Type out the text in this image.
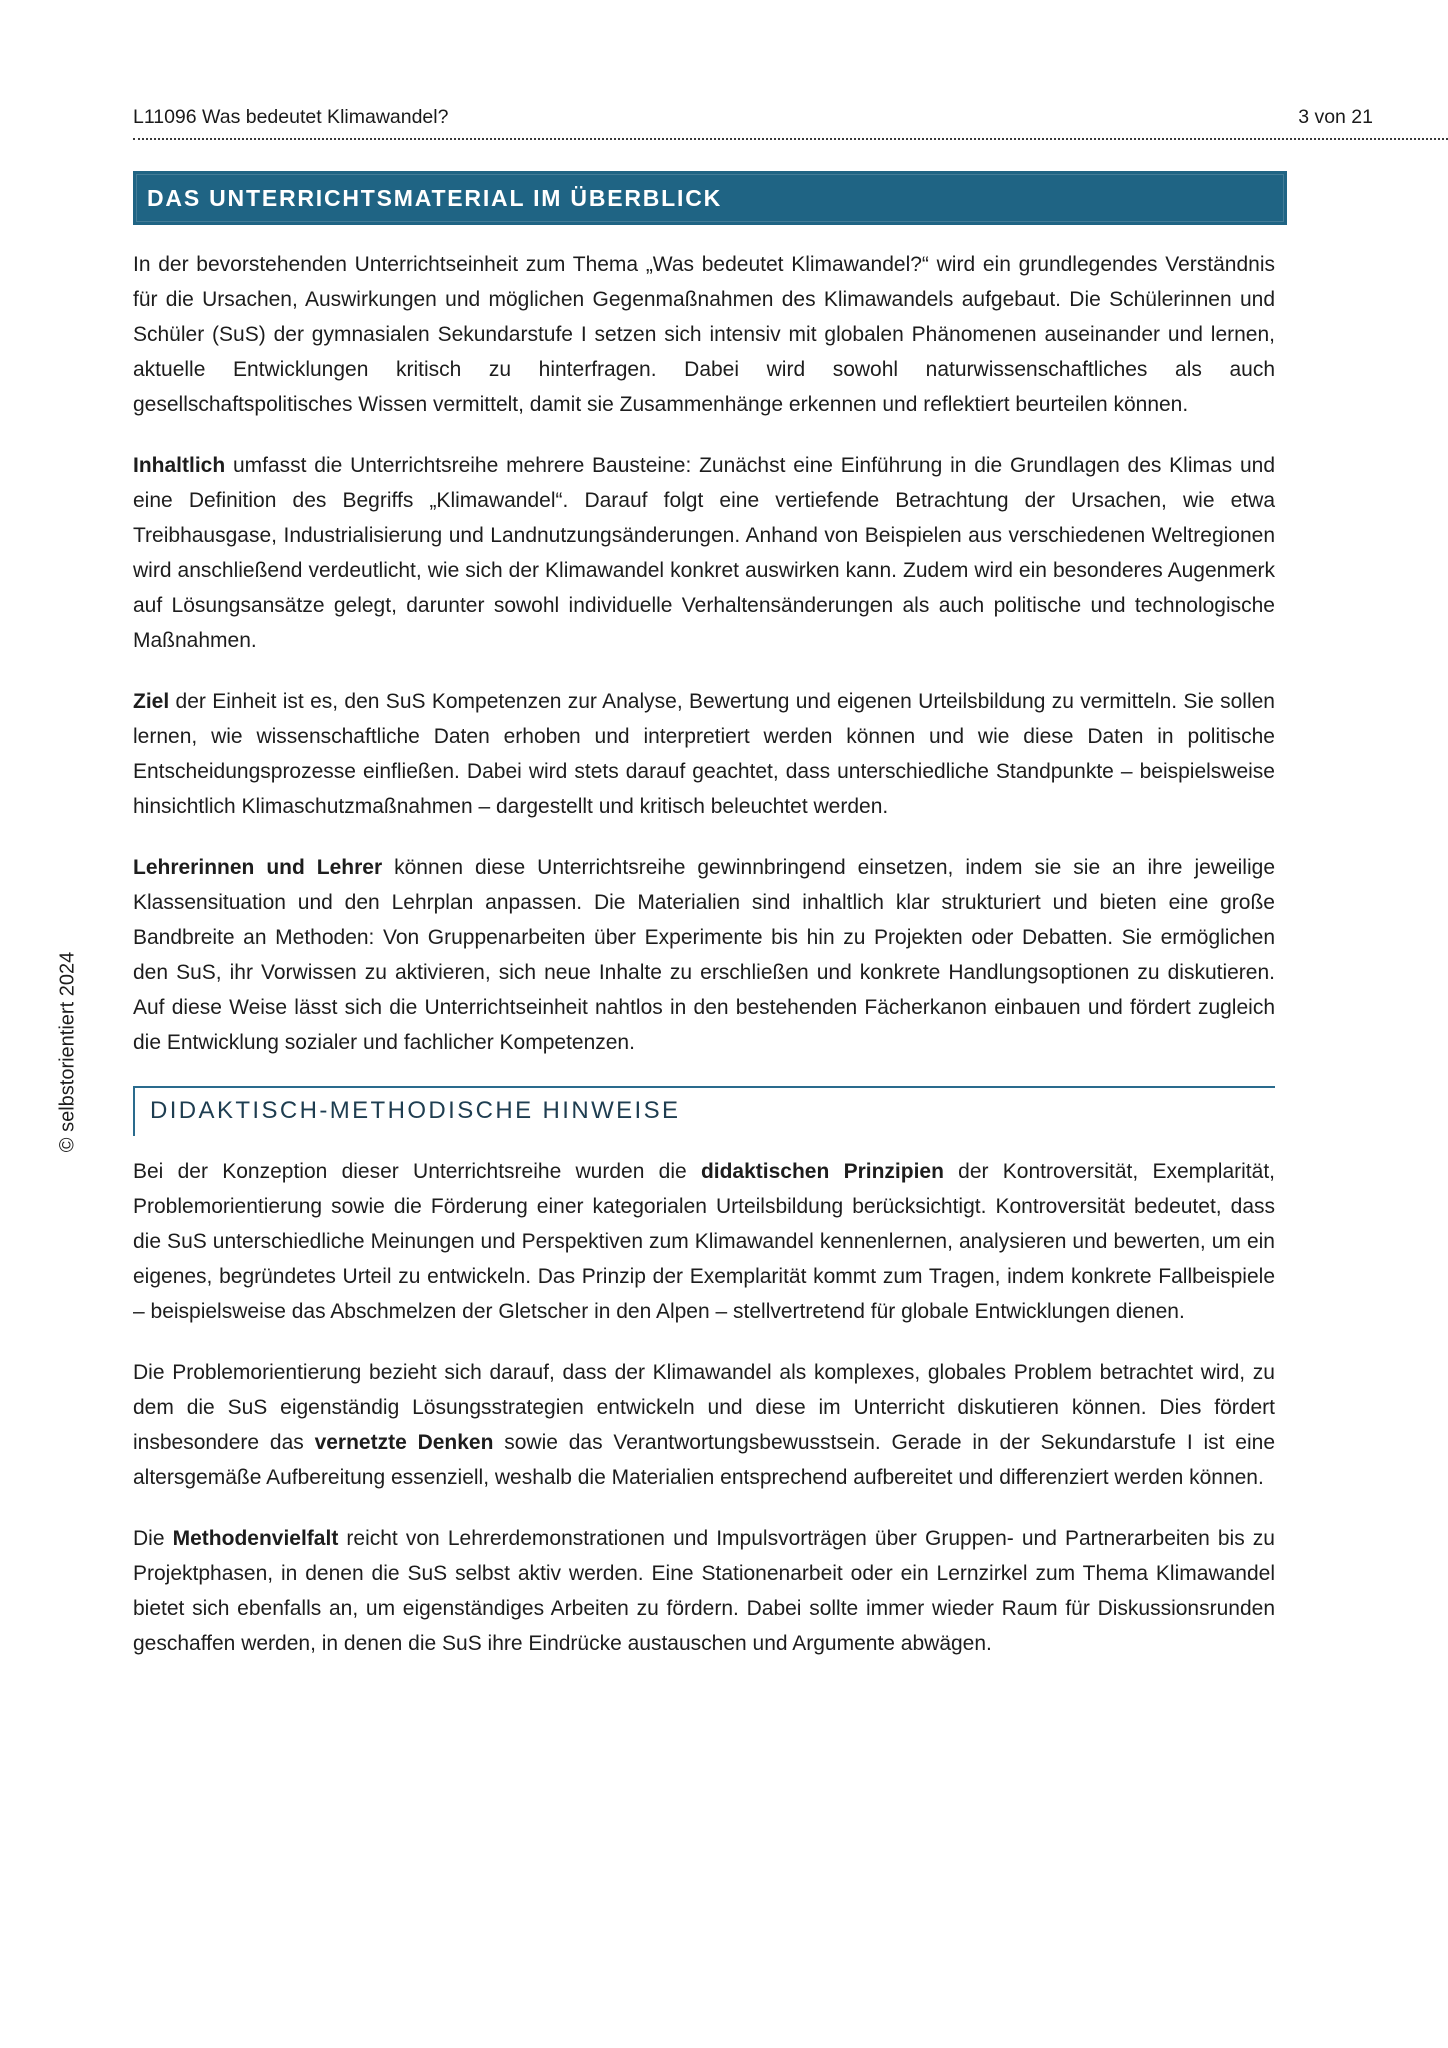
L11096 Was bedeutet Klimawandel?	3 von 21
DAS UNTERRICHTSMATERIAL IM ÜBERBLICK

In der bevorstehenden Unterrichtseinheit zum Thema „Was bedeutet Klimawandel?“ wird ein grundlegendes Verständnis für die Ursachen, Auswirkungen und möglichen Gegenmaßnahmen des Klimawandels aufgebaut. Die Schülerinnen und Schüler (SuS) der gymnasialen Sekundarstufe I setzen sich intensiv mit globalen Phänomenen auseinander und lernen, aktuelle Entwicklungen kritisch zu hinterfragen. Dabei wird sowohl naturwissenschaftliches als auch gesellschaftspolitisches Wissen vermittelt, damit sie Zusammenhänge erkennen und reflektiert beurteilen können.

Inhaltlich umfasst die Unterrichtsreihe mehrere Bausteine: Zunächst eine Einführung in die Grundlagen des Klimas und eine Definition des Begriffs „Klimawandel“. Darauf folgt eine vertiefende Betrachtung der Ursachen, wie etwa Treibhausgase, Industrialisierung und Landnutzungsänderungen. Anhand von Beispielen aus verschiedenen Weltregionen wird anschließend verdeutlicht, wie sich der Klimawandel konkret auswirken kann. Zudem wird ein besonderes Augenmerk auf Lösungsansätze gelegt, darunter sowohl individuelle Verhaltensänderungen als auch politische und technologische Maßnahmen.

Ziel der Einheit ist es, den SuS Kompetenzen zur Analyse, Bewertung und eigenen Urteilsbildung zu vermitteln. Sie sollen lernen, wie wissenschaftliche Daten erhoben und interpretiert werden können und wie diese Daten in politische Entscheidungsprozesse einfließen. Dabei wird stets darauf geachtet, dass unterschiedliche Standpunkte – beispielsweise hinsichtlich Klimaschutzmaßnahmen – dargestellt und kritisch beleuchtet werden.

Lehrerinnen und Lehrer können diese Unterrichtsreihe gewinnbringend einsetzen, indem sie sie an ihre jeweilige Klassensituation und den Lehrplan anpassen. Die Materialien sind inhaltlich klar strukturiert und bieten eine große Bandbreite an Methoden: Von Gruppenarbeiten über Experimente bis hin zu Projekten oder Debatten. Sie ermöglichen den SuS, ihr Vorwissen zu aktivieren, sich neue Inhalte zu erschließen und konkrete Handlungsoptionen zu diskutieren. Auf diese Weise lässt sich die Unterrichtseinheit nahtlos in den bestehenden Fächerkanon einbauen und fördert zugleich die Entwicklung sozialer und fachlicher Kompetenzen.

DIDAKTISCH-METHODISCHE HINWEISE

Bei der Konzeption dieser Unterrichtsreihe wurden die didaktischen Prinzipien der Kontroversität, Exemplarität, Problemorientierung sowie die Förderung einer kategorialen Urteilsbildung berücksichtigt. Kontroversität bedeutet, dass die SuS unterschiedliche Meinungen und Perspektiven zum Klimawandel kennenlernen, analysieren und bewerten, um ein eigenes, begründetes Urteil zu entwickeln. Das Prinzip der Exemplarität kommt zum Tragen, indem konkrete Fallbeispiele – beispielsweise das Abschmelzen der Gletscher in den Alpen – stellvertretend für globale Entwicklungen dienen.

Die Problemorientierung bezieht sich darauf, dass der Klimawandel als komplexes, globales Problem betrachtet wird, zu dem die SuS eigenständig Lösungsstrategien entwickeln und diese im Unterricht diskutieren können. Dies fördert insbesondere das vernetzte Denken sowie das Verantwortungsbewusstsein. Gerade in der Sekundarstufe I ist eine altersgemäße Aufbereitung essenziell, weshalb die Materialien entsprechend aufbereitet und differenziert werden können.

Die Methodenvielfalt reicht von Lehrerdemonstrationen und Impulsvorträgen über Gruppen- und Partnerarbeiten bis zu Projektphasen, in denen die SuS selbst aktiv werden. Eine Stationenarbeit oder ein Lernzirkel zum Thema Klimawandel bietet sich ebenfalls an, um eigenständiges Arbeiten zu fördern. Dabei sollte immer wieder Raum für Diskussionsrunden geschaffen werden, in denen die SuS ihre Eindrücke austauschen und Argumente abwägen.

© selbstorientiert 2024
